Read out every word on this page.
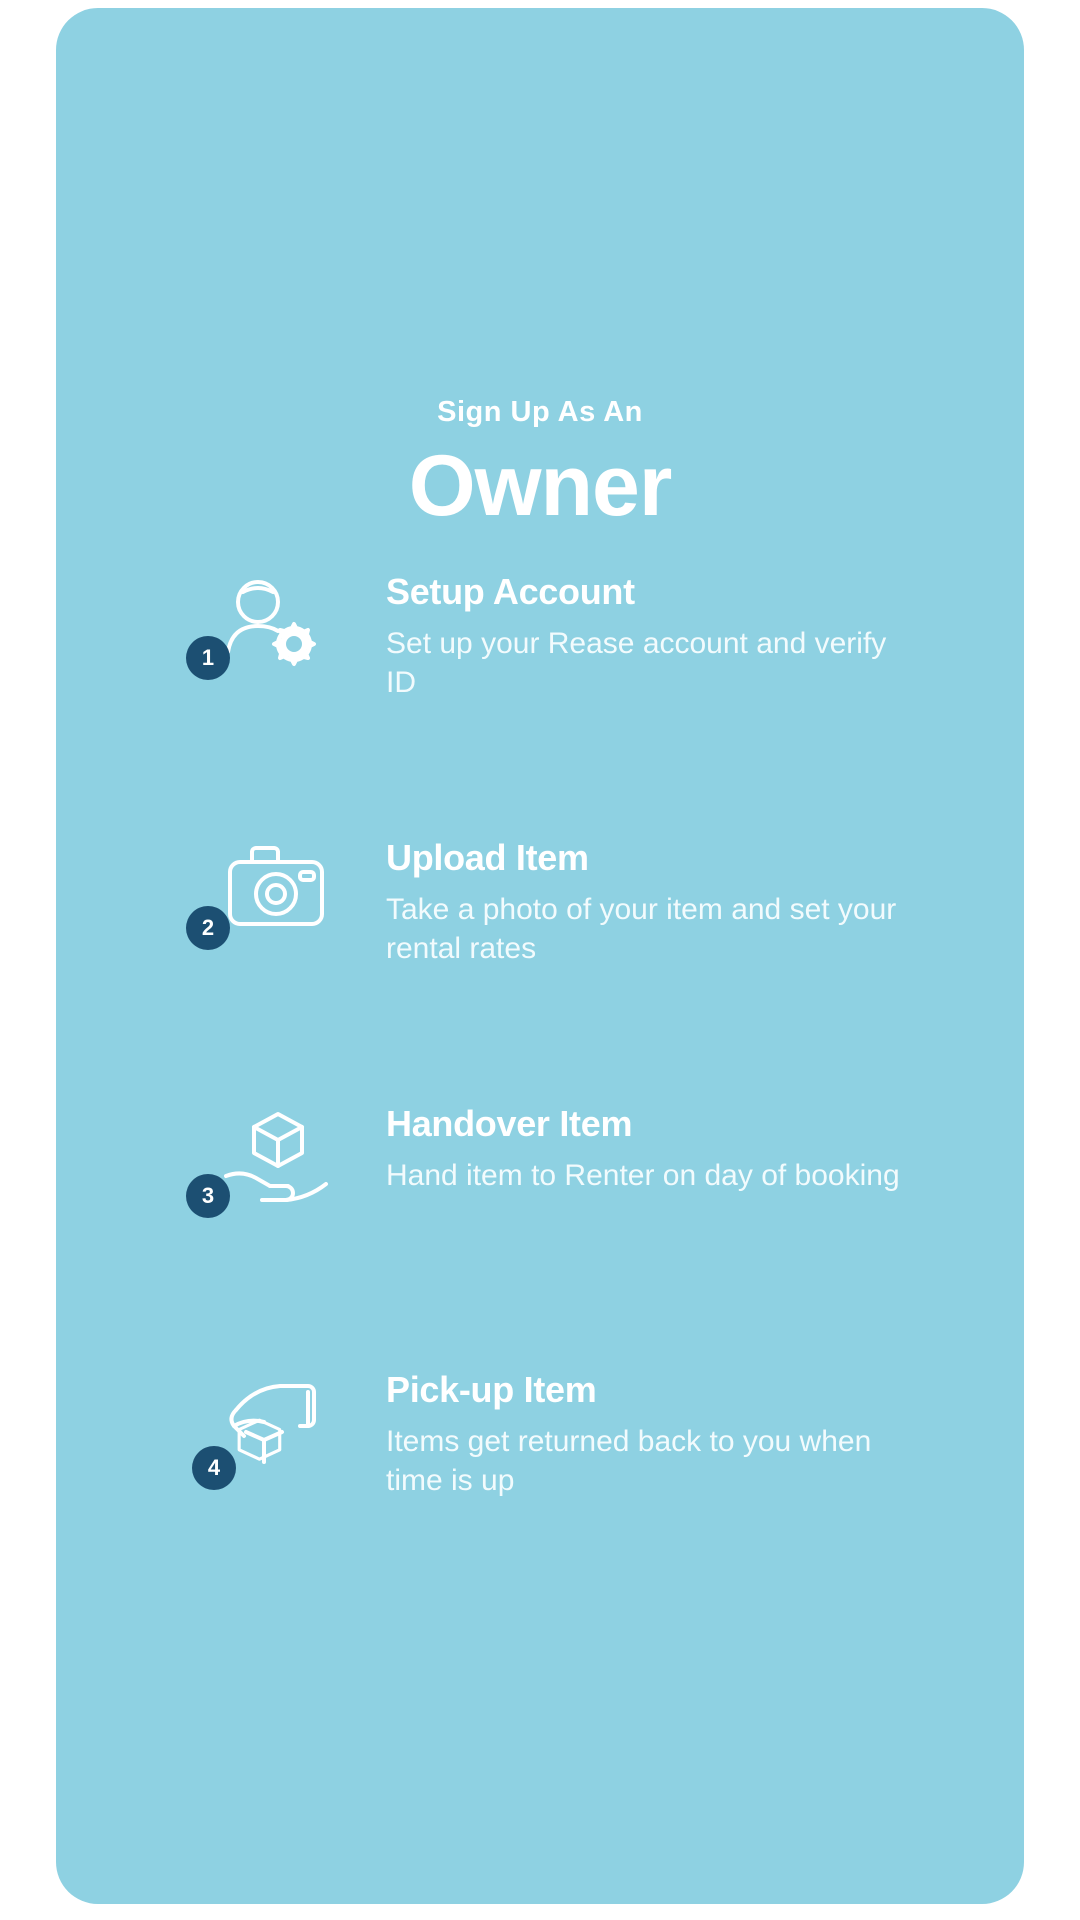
Sign Up As An
Owner
1
Setup Account
Set up your Rease account and verify ID
2
Upload Item
Take a photo of your item and set your rental rates
3
Handover Item
Hand item to Renter on day of booking
4
Pick-up Item
Items get returned back to you when time is up
